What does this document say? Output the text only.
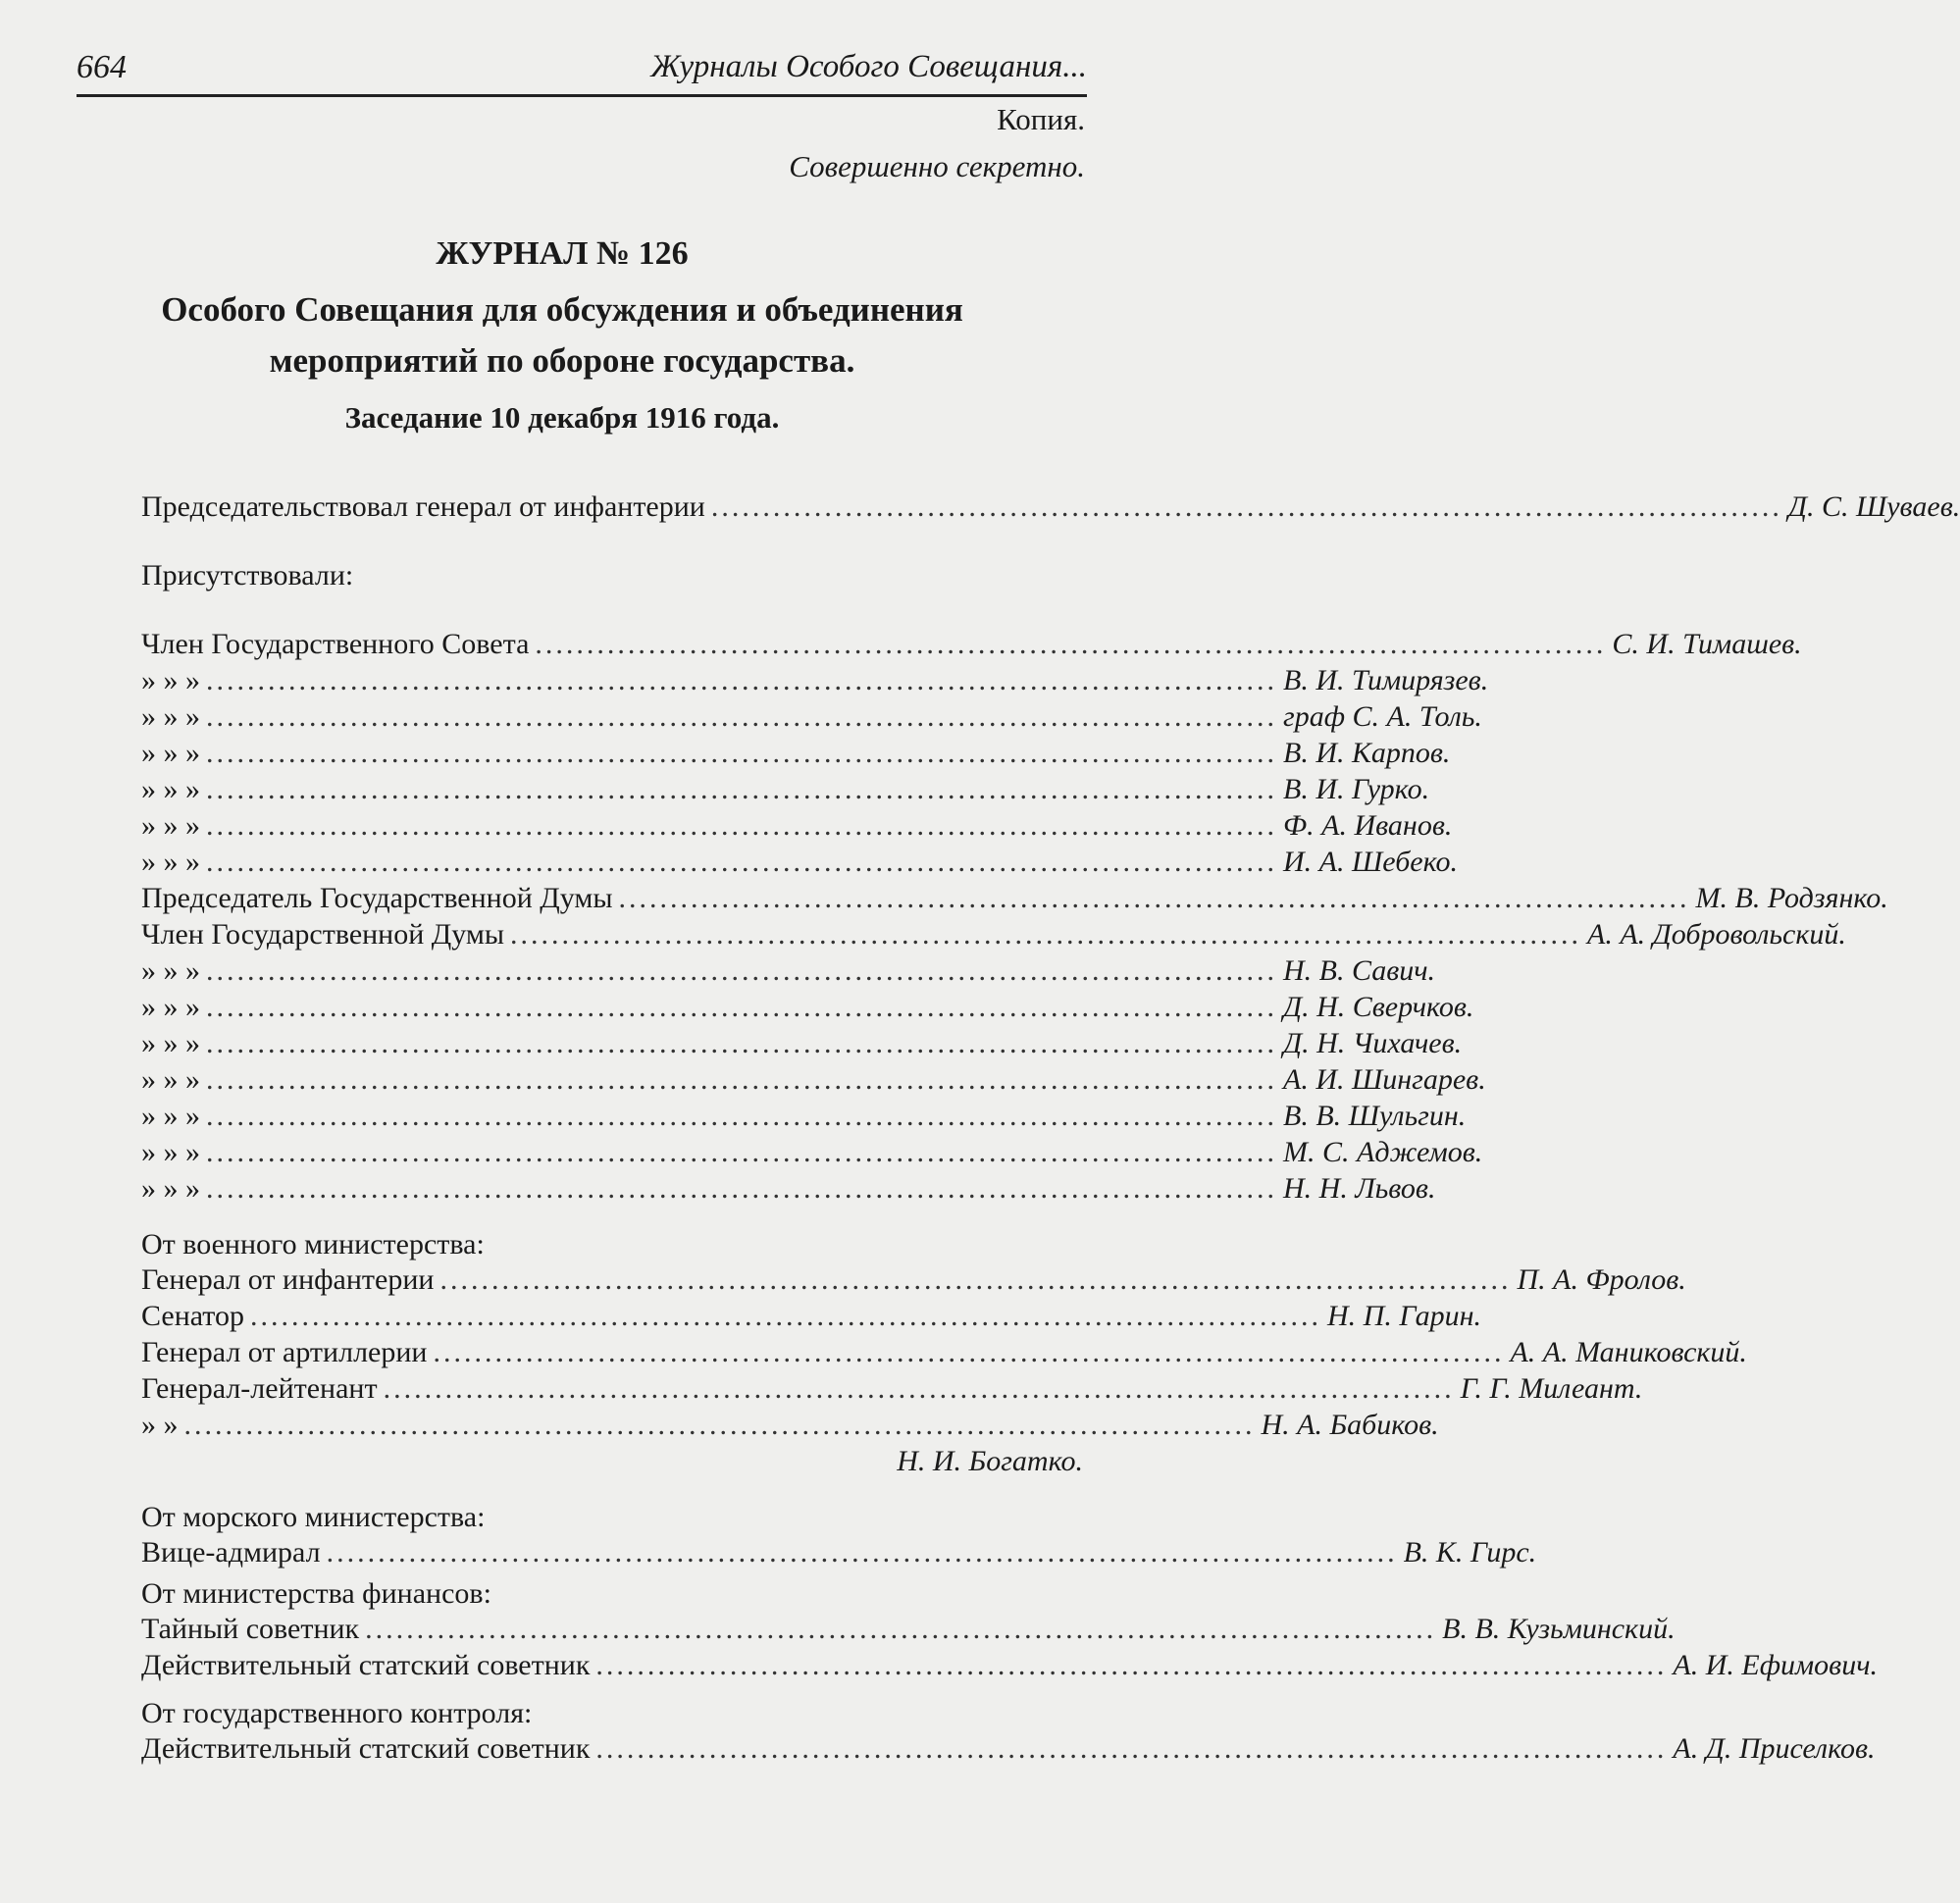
664	Журналы Особого Совещания...
Копия.
Совершенно секретно.
ЖУРНАЛ № 126
Особого Совещания для обсуждения и объединения
мероприятий по обороне государства.
Заседание 10 декабря 1916 года.
Председательствовал генерал от инфантерии ........................................................................................................ Д. С. Шуваев.
Присутствовали:
Член Государственного Совета ........................................................................................................ С. И. Тимашев.
» » » ........................................................................................................ В. И. Тимирязев.
» » » ........................................................................................................ граф С. А. Толь.
» » » ........................................................................................................ В. И. Карпов.
» » » ........................................................................................................ В. И. Гурко.
» » » ........................................................................................................ Ф. А. Иванов.
» » » ........................................................................................................ И. А. Шебеко.
Председатель Государственной Думы ........................................................................................................ М. В. Родзянко.
Член Государственной Думы ........................................................................................................ А. А. Добровольский.
» » » ........................................................................................................ Н. В. Савич.
» » » ........................................................................................................ Д. Н. Сверчков.
» » » ........................................................................................................ Д. Н. Чихачев.
» » » ........................................................................................................ А. И. Шингарев.
» » » ........................................................................................................ В. В. Шульгин.
» » » ........................................................................................................ М. С. Аджемов.
» » » ........................................................................................................ Н. Н. Львов.
От военного министерства:
Генерал от инфантерии ........................................................................................................ П. А. Фролов.
Сенатор ........................................................................................................ Н. П. Гарин.
Генерал от артиллерии ........................................................................................................ А. А. Маниковский.
Генерал-лейтенант ........................................................................................................ Г. Г. Милеант.
» » ........................................................................................................ Н. А. Бабиков.
Н. И. Богатко.
От морского министерства:
Вице-адмирал ........................................................................................................ В. К. Гирс.
От министерства финансов:
Тайный советник ........................................................................................................ В. В. Кузьминский.
Действительный статский советник ........................................................................................................ А. И. Ефимович.
От государственного контроля:
Действительный статский советник ........................................................................................................ А. Д. Приселков.
